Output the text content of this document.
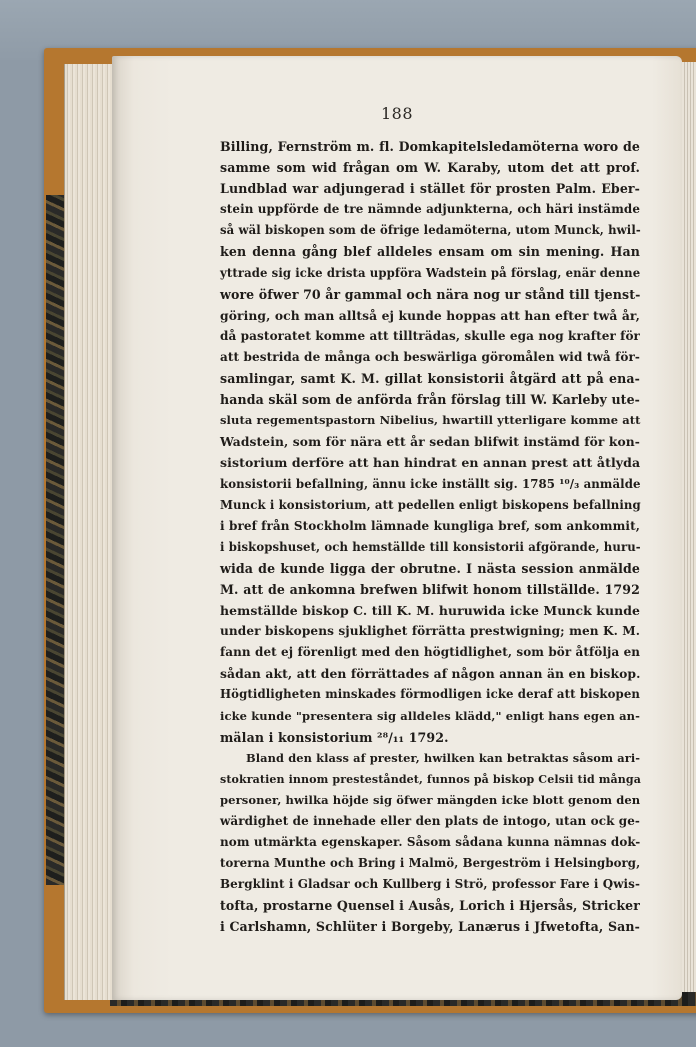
188
Billing, Fernström m. fl. Domkapitelsledamöterna woro de
samme som wid frågan om W. Karaby, utom det att prof.
Lundblad war adjungerad i stället för prosten Palm. Eber-
stein uppförde de tre nämnde adjunkterna, och häri instämde
så wäl biskopen som de öfrige ledamöterna, utom Munck, hwil-
ken denna gång blef alldeles ensam om sin mening. Han
yttrade sig icke drista uppföra Wadstein på förslag, enär denne
wore öfwer 70 år gammal och nära nog ur stånd till tjenst-
göring, och man alltså ej kunde hoppas att han efter twå år,
då pastoratet komme att tillträdas, skulle ega nog krafter för
att bestrida de många och beswärliga göromålen wid twå för-
samlingar, samt K. M. gillat konsistorii åtgärd att på ena-
handa skäl som de anförda från förslag till W. Karleby ute-
sluta regementspastorn Nibelius, hwartill ytterligare komme att
Wadstein, som för nära ett år sedan blifwit instämd för kon-
sistorium derföre att han hindrat en annan prest att åtlyda
konsistorii befallning, ännu icke inställt sig. 1785 ¹⁰/₃ anmälde
Munck i konsistorium, att pedellen enligt biskopens befallning
i bref från Stockholm lämnade kungliga bref, som ankommit,
i biskopshuset, och hemställde till konsistorii afgörande, huru-
wida de kunde ligga der obrutne. I nästa session anmälde
M. att de ankomna brefwen blifwit honom tillställde. 1792
hemställde biskop C. till K. M. huruwida icke Munck kunde
under biskopens sjuklighet förrätta prestwigning; men K. M.
fann det ej förenligt med den högtidlighet, som bör åtfölja en
sådan akt, att den förrättades af någon annan än en biskop.
Högtidligheten minskades förmodligen icke deraf att biskopen
icke kunde "presentera sig alldeles klädd," enligt hans egen an-
mälan i konsistorium ²⁸/₁₁ 1792.
Bland den klass af prester, hwilken kan betraktas såsom ari-
stokratien innom presteståndet, funnos på biskop Celsii tid många
personer, hwilka höjde sig öfwer mängden icke blott genom den
wärdighet de innehade eller den plats de intogo, utan ock ge-
nom utmärkta egenskaper. Såsom sådana kunna nämnas dok-
torerna Munthe och Bring i Malmö, Bergeström i Helsingborg,
Bergklint i Gladsar och Kullberg i Strö, professor Fare i Qwis-
tofta, prostarne Quensel i Ausås, Lorich i Hjersås, Stricker
i Carlshamn, Schlüter i Borgeby, Lanærus i Jfwetofta, San-
